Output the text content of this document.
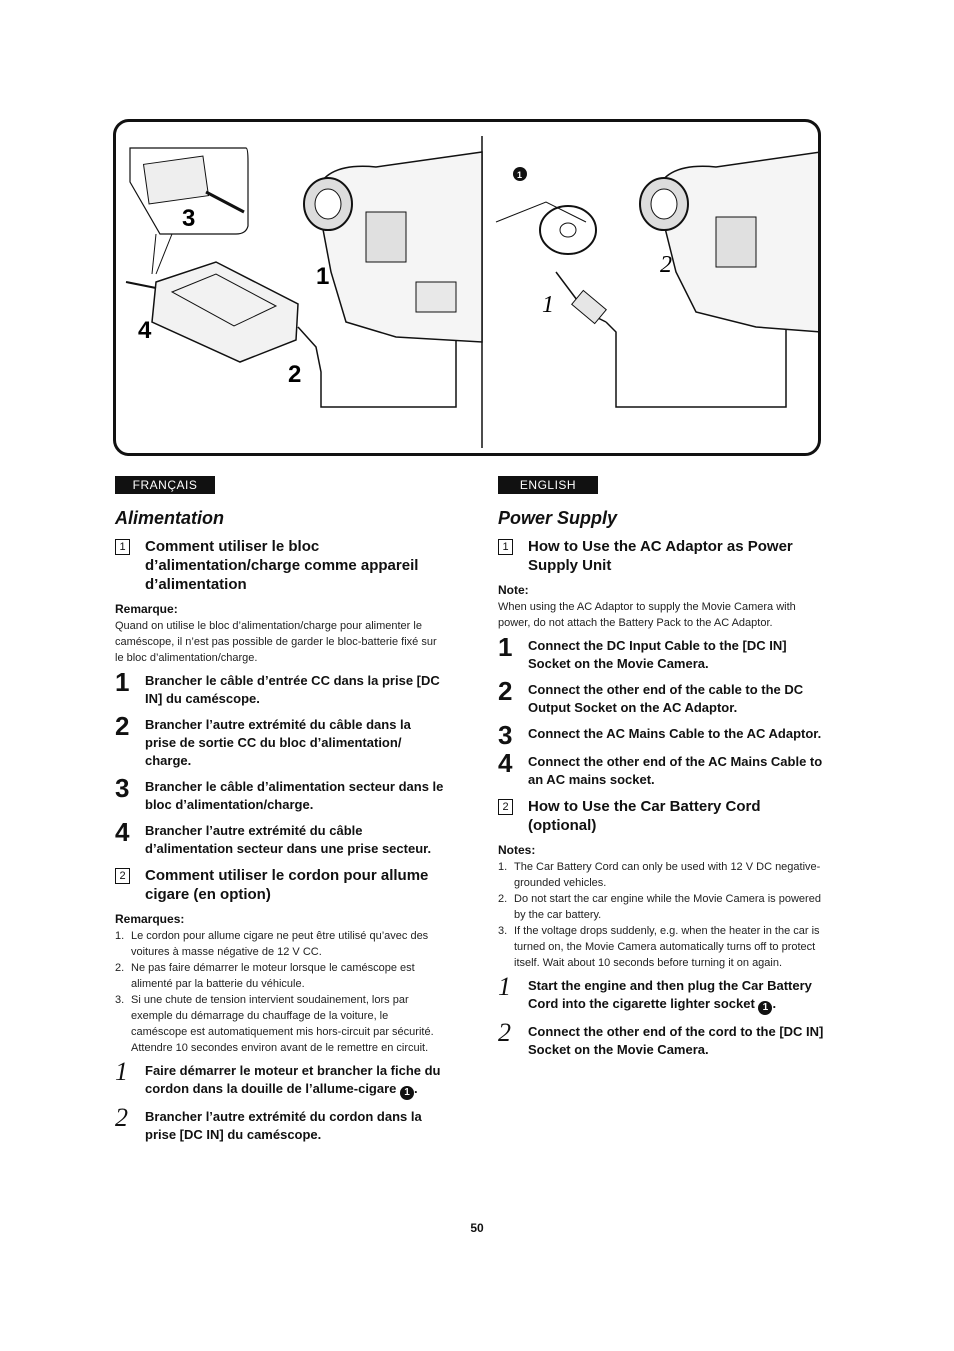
3
1
4
2
1
1
2
FRANÇAIS
Alimentation
1 Comment utiliser le bloc d’alimentation/charge comme appareil d’alimentation
Remarque:
Quand on utilise le bloc d’alimentation/charge pour alimenter le caméscope, il n’est pas possible de garder le bloc-batterie fixé sur le bloc d’alimentation/charge.
1	Brancher le câble d’entrée CC dans la prise [DC IN] du caméscope.
2	Brancher l’autre extrémité du câble dans la prise de sortie CC du bloc d’alimentation/ charge.
3	Brancher le câble d’alimentation secteur dans le bloc d’alimentation/charge.
4	Brancher l’autre extrémité du câble d’alimentation secteur dans une prise secteur.
2 Comment utiliser le cordon pour allume cigare (en option)
Remarques:
1. Le cordon pour allume cigare ne peut être utilisé qu’avec des voitures à masse négative de 12 V CC.
2. Ne pas faire démarrer le moteur lorsque le caméscope est alimenté par la batterie du véhicule.
3. Si une chute de tension intervient soudainement, lors par exemple du démarrage du chauffage de la voiture, le caméscope est automatiquement mis hors-circuit par sécurité. Attendre 10 secondes environ avant de le remettre en circuit.
1	Faire démarrer le moteur et brancher la fiche du cordon dans la douille de l’allume-cigare 1 .
2	Brancher l’autre extrémité du cordon dans la prise [DC IN] du caméscope.
ENGLISH
Power Supply
1 How to Use the AC Adaptor as Power Supply Unit
Note:
When using the AC Adaptor to supply the Movie Camera with power, do not attach the Battery Pack to the AC Adaptor.
1	Connect the DC Input Cable to the [DC IN] Socket on the Movie Camera.
2	Connect the other end of the cable to the DC Output Socket on the AC Adaptor.
3	Connect the AC Mains Cable to the AC Adaptor.
4	Connect the other end of the AC Mains Cable to an AC mains socket.
2 How to Use the Car Battery Cord (optional)
Notes:
1. The Car Battery Cord can only be used with 12 V DC negative-grounded vehicles.
2. Do not start the car engine while the Movie Camera is powered by the car battery.
3. If the voltage drops suddenly, e.g. when the heater in the car is turned on, the Movie Camera automatically turns off to protect itself. Wait about 10 seconds before turning it on again.
1	Start the engine and then plug the Car Battery Cord into the cigarette lighter socket 1 .
2	Connect the other end of the cord to the [DC IN] Socket on the Movie Camera.
50
